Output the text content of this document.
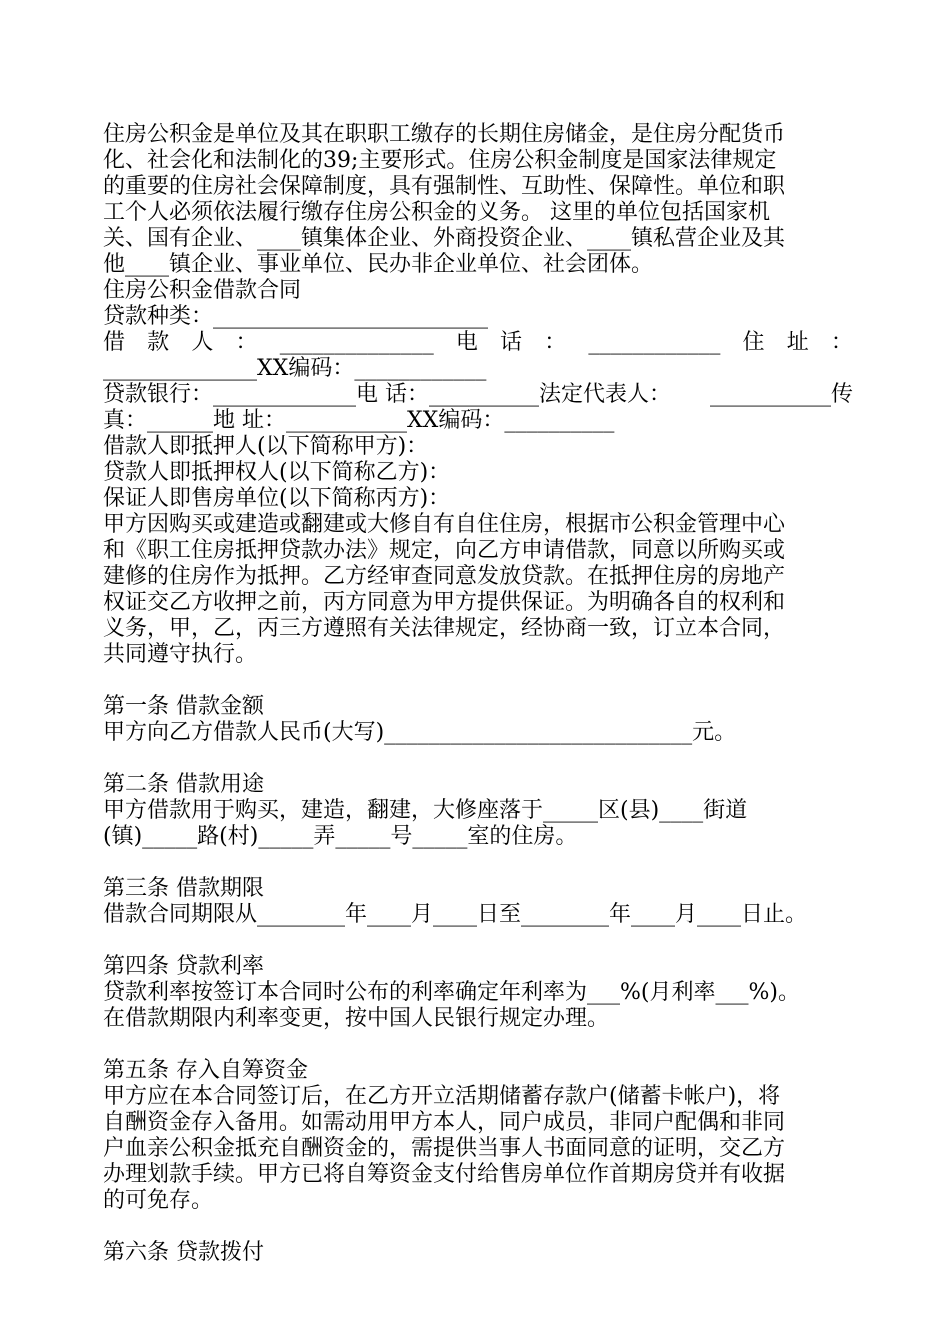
住房公积金是单位及其在职职工缴存的长期住房储金，是住房分配货币
化、社会化和法制化的39;主要形式。住房公积金制度是国家法律规定
的重要的住房社会保障制度，具有强制性、互助性、保障性。单位和职
工个人必须依法履行缴存住房公积金的义务。 这里的单位包括国家机
关、国有企业、____镇集体企业、外商投资企业、____镇私营企业及其
他____镇企业、事业单位、民办非企业单位、社会团体。
住房公积金借款合同
贷款种类：_________________________
借 款 人 ： ______________ 电 话 ： ____________ 住 址 ：
______________XX编码：____________
贷款银行：_____________电 话：__________法定代表人： ___________传
真：______地 址：___________XX编码：__________
借款人即抵押人(以下简称甲方)：
贷款人即抵押权人(以下简称乙方)：
保证人即售房单位(以下简称丙方)：
甲方因购买或建造或翻建或大修自有自住住房，根据市公积金管理中心
和《职工住房抵押贷款办法》规定，向乙方申请借款，同意以所购买或
建修的住房作为抵押。乙方经审查同意发放贷款。在抵押住房的房地产
权证交乙方收押之前，丙方同意为甲方提供保证。为明确各自的权利和
义务，甲，乙，丙三方遵照有关法律规定，经协商一致，订立本合同，
共同遵守执行。
第一条 借款金额
甲方向乙方借款人民币(大写)____________________________元。
第二条 借款用途
甲方借款用于购买，建造，翻建，大修座落于_____区(县)____街道
(镇)_____路(村)_____弄_____号_____室的住房。
第三条 借款期限
借款合同期限从________年____月____日至________年____月____日止。
第四条 贷款利率
贷款利率按签订本合同时公布的利率确定年利率为___%(月利率___%)。
在借款期限内利率变更，按中国人民银行规定办理。
第五条 存入自筹资金
甲方应在本合同签订后，在乙方开立活期储蓄存款户(储蓄卡帐户)，将
自酬资金存入备用。如需动用甲方本人，同户成员，非同户配偶和非同
户血亲公积金抵充自酬资金的，需提供当事人书面同意的证明，交乙方
办理划款手续。甲方已将自筹资金支付给售房单位作首期房贷并有收据
的可免存。
第六条 贷款拨付
